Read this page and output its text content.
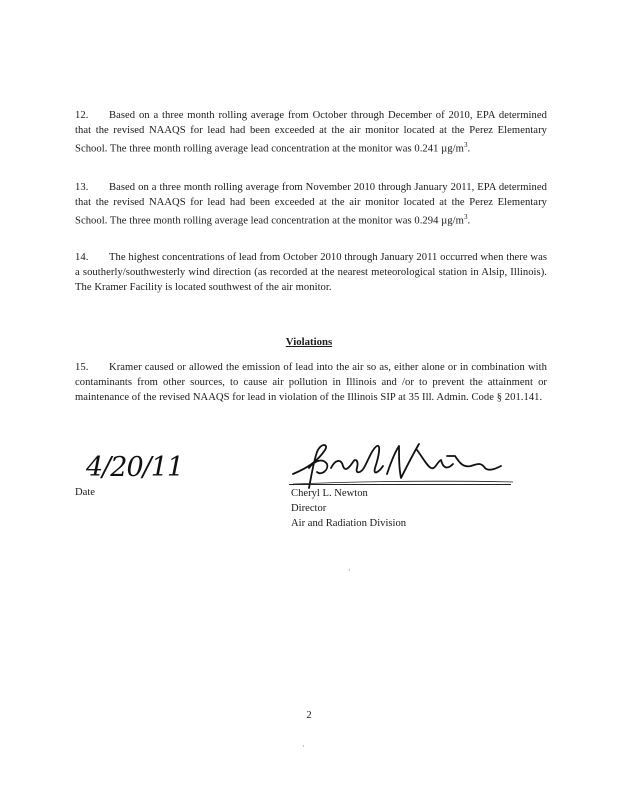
12. Based on a three month rolling average from October through December of 2010, EPA determined that the revised NAAQS for lead had been exceeded at the air monitor located at the Perez Elementary School. The three month rolling average lead concentration at the monitor was 0.241 $\mu g/m^3$.
13. Based on a three month rolling average from November 2010 through January 2011, EPA determined that the revised NAAQS for lead had been exceeded at the air monitor located at the Perez Elementary School. The three month rolling average lead concentration at the monitor was 0.294 $\mu g/m^3$.
14. The highest concentrations of lead from October 2010 through January 2011 occurred when there was a southerly/southwesterly wind direction (as recorded at the nearest meteorological station in Alsip, Illinois). The Kramer Facility is located southwest of the air monitor.
Violations
15. Kramer caused or allowed the emission of lead into the air so as, either alone or in combination with contaminants from other sources, to cause air pollution in Illinois and /or to prevent the attainment or maintenance of the revised NAAQS for lead in violation of the Illinois SIP at 35 Ill. Admin. Code § 201.141.
4/20/11
Date	Cheryl L. Newton
Director
Air and Radiation Division
·
2
·
